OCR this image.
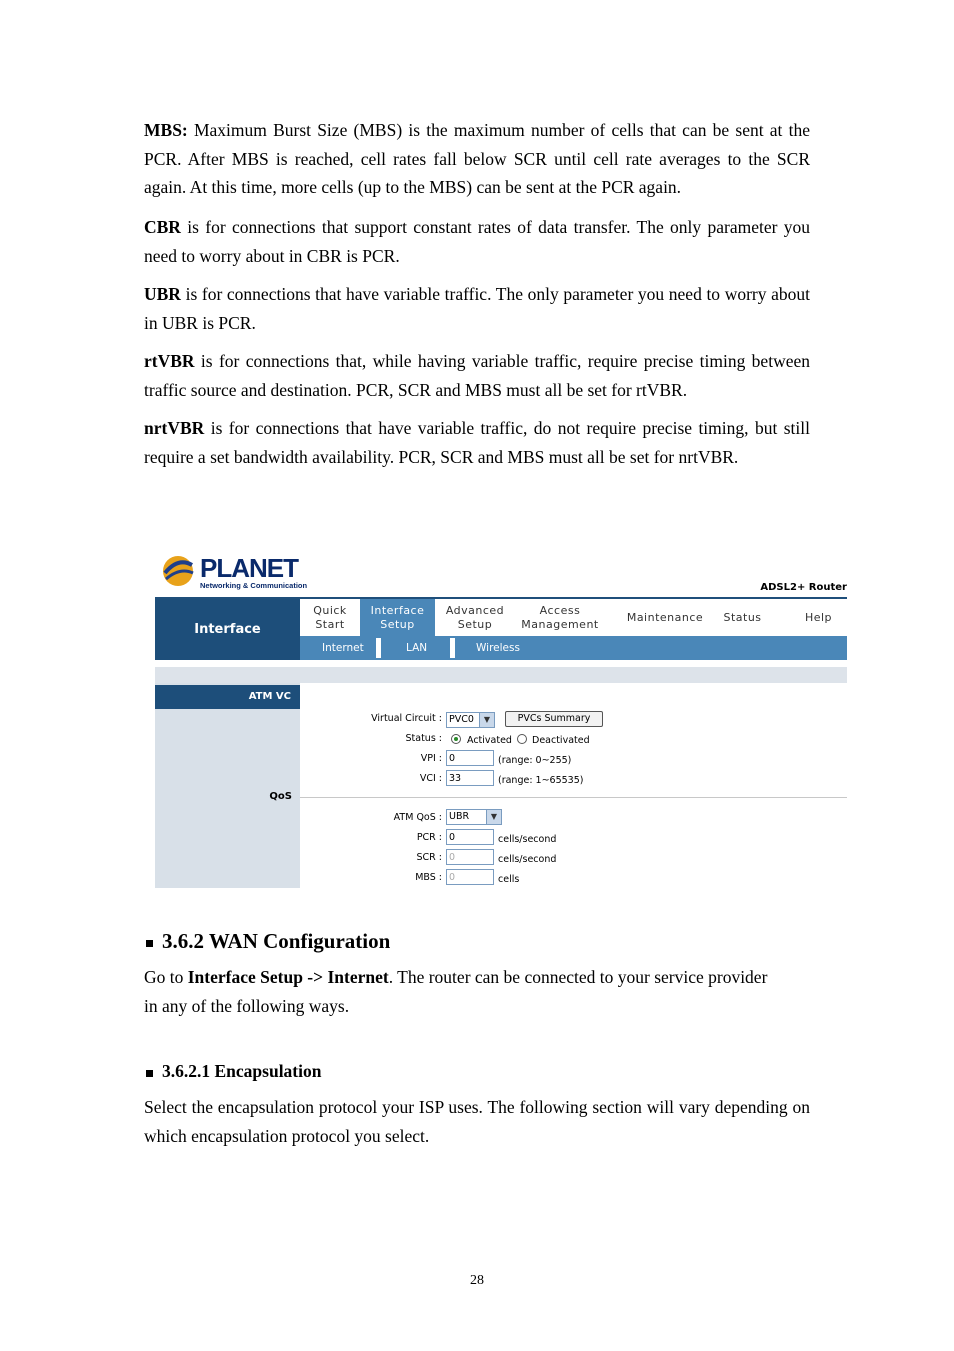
MBS: Maximum Burst Size (MBS) is the maximum number of cells that can be sent at the PCR. After MBS is reached, cell rates fall below SCR until cell rate averages to the SCR again. At this time, more cells (up to the MBS) can be sent at the PCR again.

CBR is for connections that support constant rates of data transfer. The only parameter you need to worry about in CBR is PCR.

UBR is for connections that have variable traffic. The only parameter you need to worry about in UBR is PCR.

rtVBR is for connections that, while having variable traffic, require precise timing between traffic source and destination. PCR, SCR and MBS must all be set for rtVBR.

nrtVBR is for connections that have variable traffic, do not require precise timing, but still require a set bandwidth availability. PCR, SCR and MBS must all be set for nrtVBR.

PLANET
Networking & Communication	ADSL2+ Router
Interface
Quick Start
Interface Setup
Advanced Setup
Access Management
Maintenance Status	Help
Internet	LAN	Wireless
ATM VC
QoS
Virtual Circuit : PVC0	▼	PVCs Summary
Status :	Activated Deactivated
VPI : 0	(range: 0~255)
VCI : 33	(range: 1~65535)
ATM QoS : UBR	▼
PCR : 0	cells/second
SCR : 0	cells/second
MBS : 0	cells
3.6.2 WAN Configuration

Go to Interface Setup -> Internet. The router can be connected to your service provider in any of the following ways.

3.6.2.1 Encapsulation

Select the encapsulation protocol your ISP uses. The following section will vary depending on which encapsulation protocol you select.

28
